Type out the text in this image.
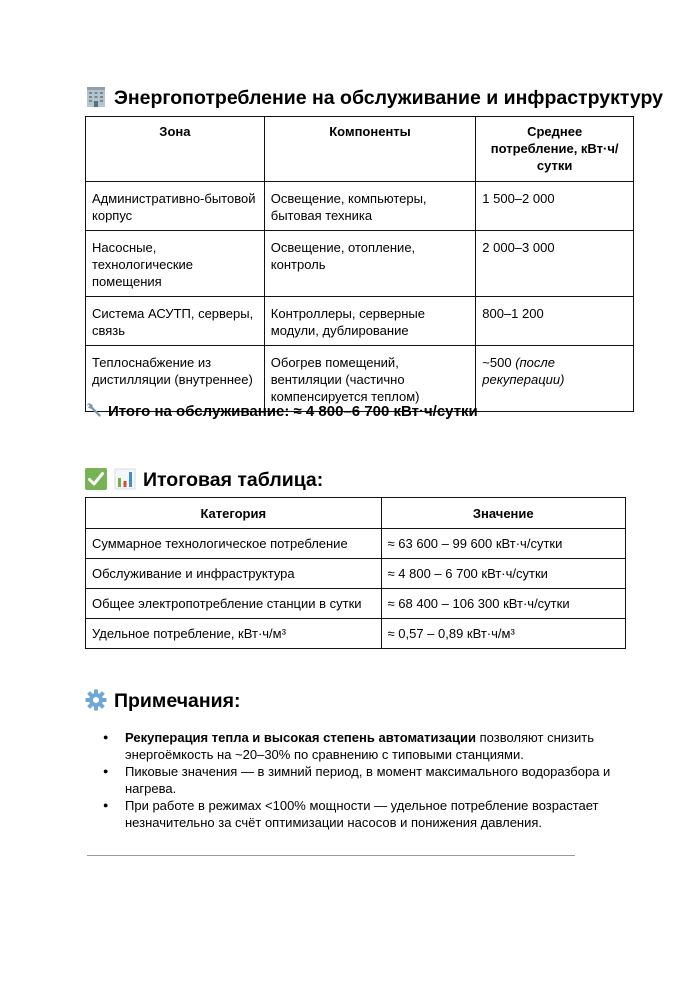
Энергопотребление на обслуживание и инфраструктуру
Зона	Компоненты	Среднее потребление, кВт·ч/сутки
Административно-бытовой корпус	Освещение, компьютеры, бытовая техника	1 500–2 000
Насосные, технологические помещения	Освещение, отопление, контроль	2 000–3 000
Система АСУТП, серверы, связь	Контроллеры, серверные модули, дублирование	800–1 200
Теплоснабжение из дистилляции (внутреннее)	Обогрев помещений, вентиляции (частично компенсируется теплом)	~500 (после рекуперации)
Итого на обслуживание: ≈ 4 800–6 700 кВт·ч/сутки
Итоговая таблица:
Категория	Значение
Суммарное технологическое потребление	≈ 63 600 – 99 600 кВт·ч/сутки
Обслуживание и инфраструктура	≈ 4 800 – 6 700 кВт·ч/сутки
Общее электропотребление станции в сутки	≈ 68 400 – 106 300 кВт·ч/сутки
Удельное потребление, кВт·ч/м³	≈ 0,57 – 0,89 кВт·ч/м³
Примечания:
● Рекуперация тепла и высокая степень автоматизации позволяют снизить энергоёмкость на ~20–30% по сравнению с типовыми станциями.
● Пиковые значения — в зимний период, в момент максимального водоразбора и нагрева.
● При работе в режимах <100% мощности — удельное потребление возрастает незначительно за счёт оптимизации насосов и понижения давления.
